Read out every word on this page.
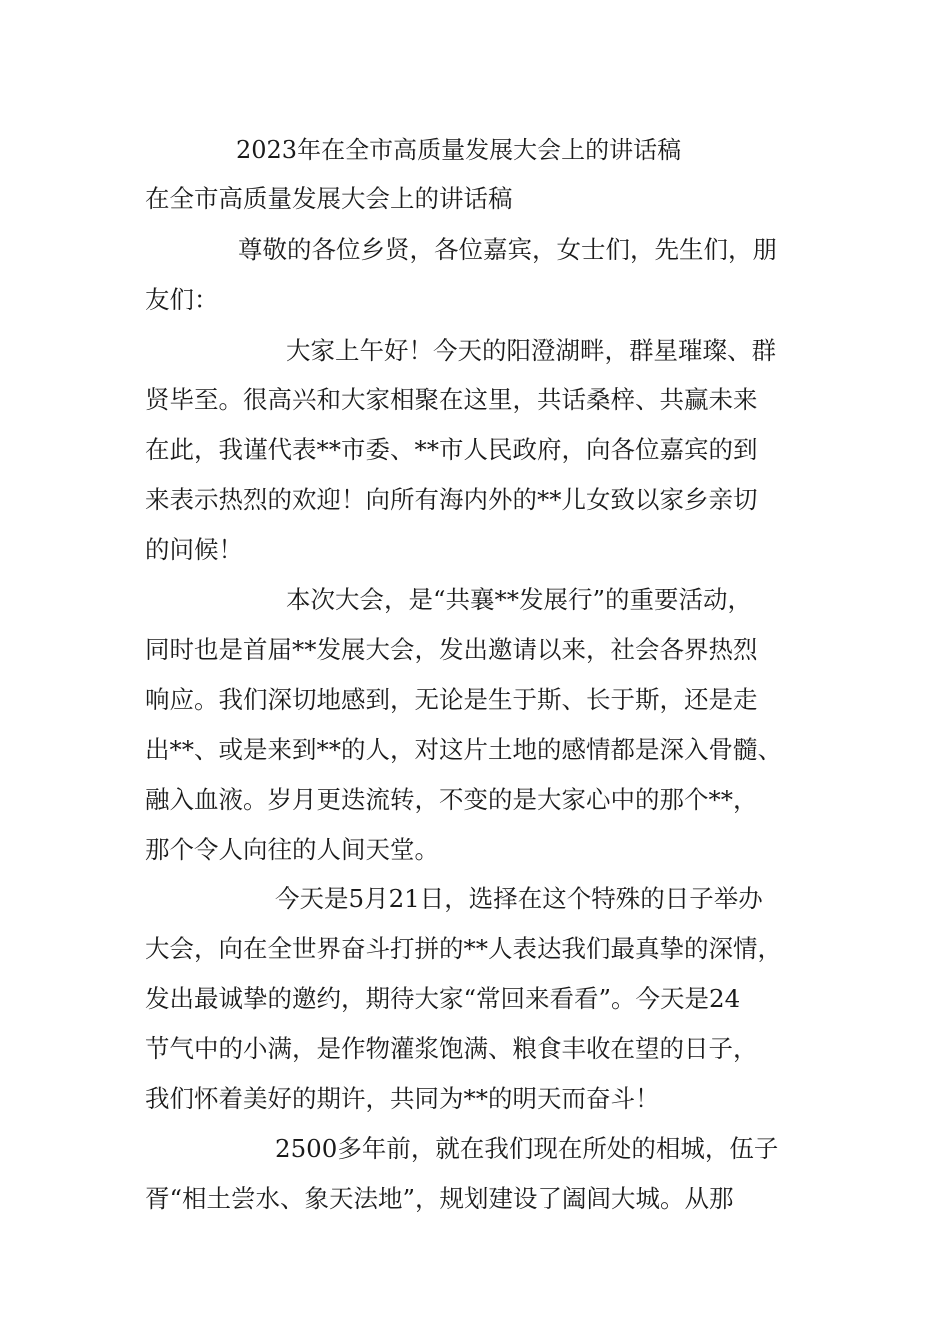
2023年在全市高质量发展大会上的讲话稿
在全市高质量发展大会上的讲话稿
尊敬的各位乡贤，各位嘉宾，女士们，先生们，朋
友们：
大家上午好！今天的阳澄湖畔，群星璀璨、群
贤毕至。很高兴和大家相聚在这里，共话桑梓、共赢未来
在此，我谨代表**市委、**市人民政府，向各位嘉宾的到
来表示热烈的欢迎！向所有海内外的**儿女致以家乡亲切
的问候！
本次大会，是“共襄**发展行”的重要活动，
同时也是首届**发展大会，发出邀请以来，社会各界热烈
响应。我们深切地感到，无论是生于斯、长于斯，还是走
出**、或是来到**的人，对这片土地的感情都是深入骨髓、
融入血液。岁月更迭流转，不变的是大家心中的那个**，
那个令人向往的人间天堂。
今天是5月21日，选择在这个特殊的日子举办
大会，向在全世界奋斗打拼的**人表达我们最真挚的深情，
发出最诚挚的邀约，期待大家“常回来看看”。今天是24
节气中的小满，是作物灌浆饱满、粮食丰收在望的日子，
我们怀着美好的期许，共同为**的明天而奋斗！
2500多年前，就在我们现在所处的相城，伍子
胥“相土尝水、象天法地”，规划建设了阖闾大城。从那
